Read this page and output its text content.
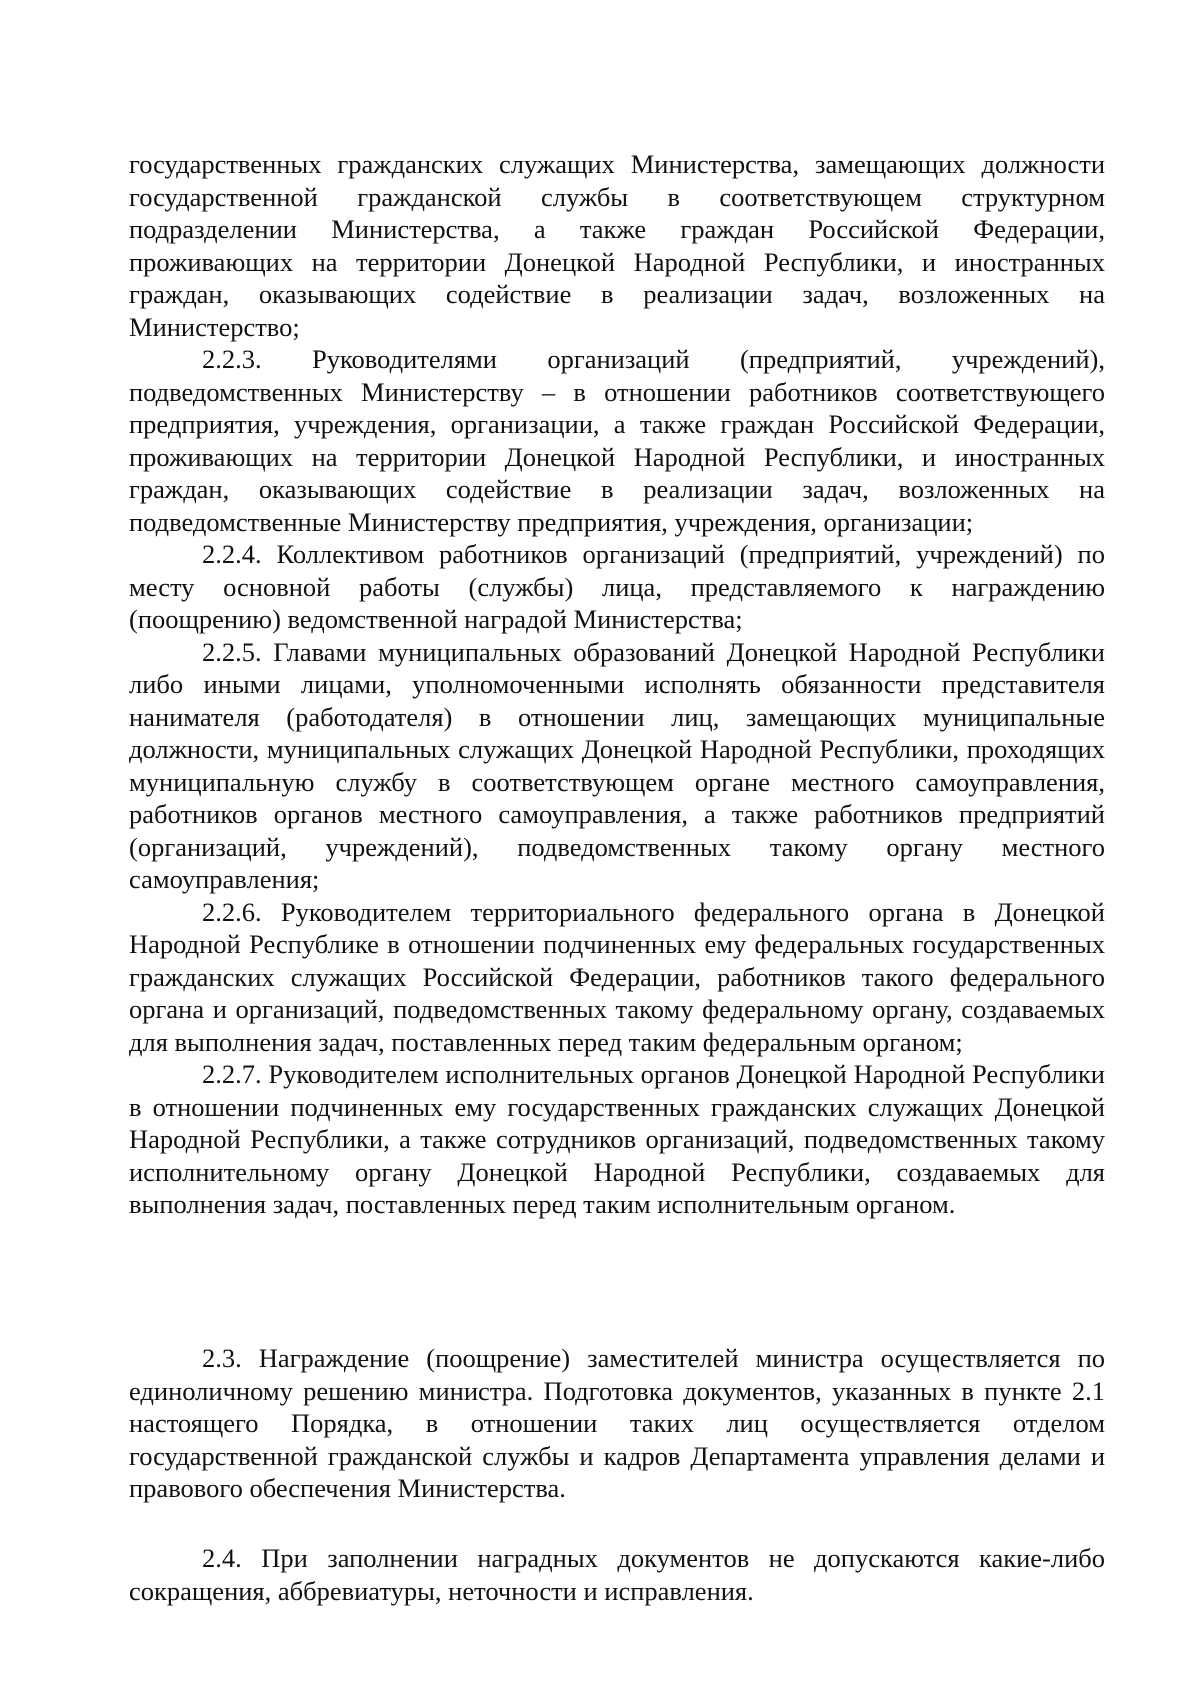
государственных гражданских служащих Министерства, замещающих должности государственной гражданской службы в соответствующем структурном подразделении Министерства, а также граждан Российской Федерации, проживающих на территории Донецкой Народной Республики, и иностранных граждан, оказывающих содействие в реализации задач, возложенных на Министерство;

2.2.3. Руководителями организаций (предприятий, учреждений), подведомственных Министерству – в отношении работников соответствующего предприятия, учреждения, организации, а также граждан Российской Федерации, проживающих на территории Донецкой Народной Республики, и иностранных граждан, оказывающих содействие в реализации задач, возложенных на подведомственные Министерству предприятия, учреждения, организации;

2.2.4. Коллективом работников организаций (предприятий, учреждений) по месту основной работы (службы) лица, представляемого к награждению (поощрению) ведомственной наградой Министерства;

2.2.5. Главами муниципальных образований Донецкой Народной Республики либо иными лицами, уполномоченными исполнять обязанности представителя нанимателя (работодателя) в отношении лиц, замещающих муниципальные должности, муниципальных служащих Донецкой Народной Республики, проходящих муниципальную службу в соответствующем органе местного самоуправления, работников органов местного самоуправления, а также работников предприятий (организаций, учреждений), подведомственных такому органу местного самоуправления;

2.2.6. Руководителем территориального федерального органа в Донецкой Народной Республике в отношении подчиненных ему федеральных государственных гражданских служащих Российской Федерации, работников такого федерального органа и организаций, подведомственных такому федеральному органу, создаваемых для выполнения задач, поставленных перед таким федеральным органом;

2.2.7. Руководителем исполнительных органов Донецкой Народной Республики в отношении подчиненных ему государственных гражданских служащих Донецкой Народной Республики, а также сотрудников организаций, подведомственных такому исполнительному органу Донецкой Народной Республики, создаваемых для выполнения задач, поставленных перед таким исполнительным органом.

2.3. Награждение (поощрение) заместителей министра осуществляется по единоличному решению министра. Подготовка документов, указанных в пункте 2.1 настоящего Порядка, в отношении таких лиц осуществляется отделом государственной гражданской службы и кадров Департамента управления делами и правового обеспечения Министерства.

2.4. При заполнении наградных документов не допускаются какие-либо сокращения, аббревиатуры, неточности и исправления.
